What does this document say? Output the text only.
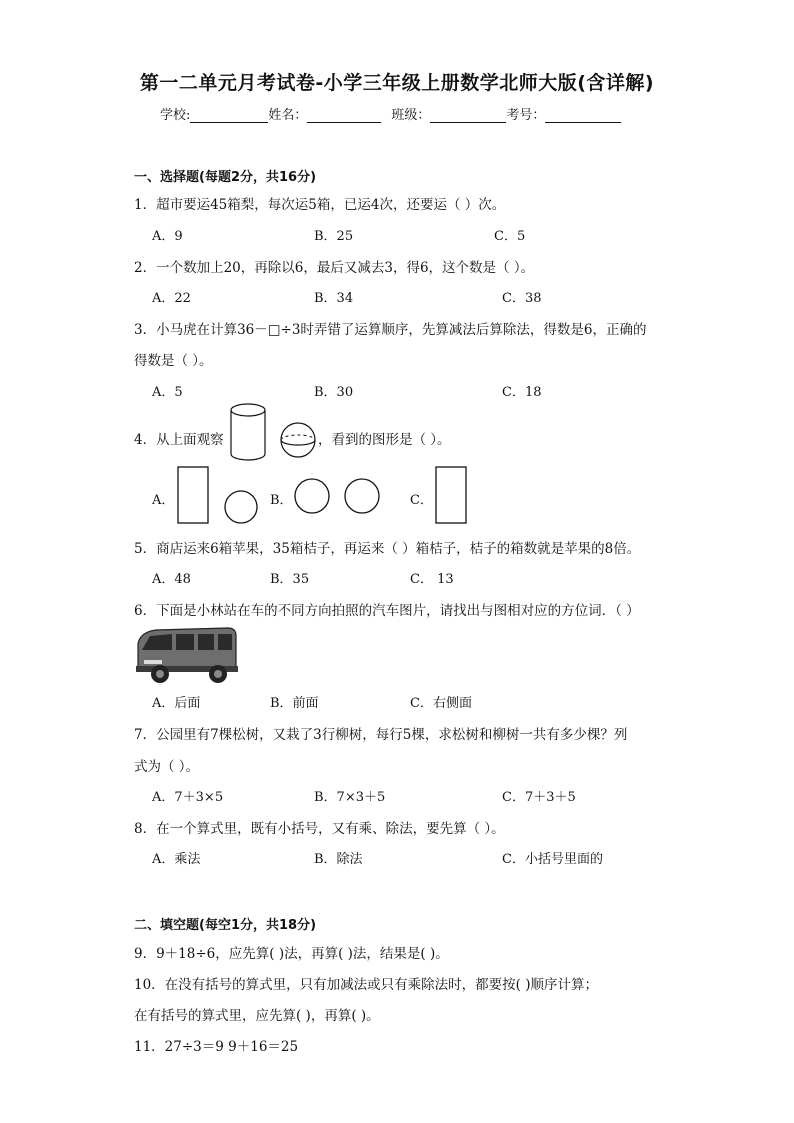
第一二单元月考试卷-小学三年级上册数学北师大版(含详解)
学校:	姓名：	班级：	考号：
一、选择题(每题2分，共16分)
1．超市要运45箱梨，每次运5箱，已运4次，还要运（ ）次。
A．9	B．25	C．5
2．一个数加上20，再除以6，最后又减去3，得6，这个数是（ ）。
A．22	B．34	C．38
3．小马虎在计算36－□÷3时弄错了运算顺序，先算减法后算除法，得数是6，正确的
得数是（ ）。
A．5	B．30	C．18
4．从上面观察	，看到的图形是（ ）。
A．	B．	C．
5．商店运来6箱苹果，35箱桔子，再运来（ ）箱桔子，桔子的箱数就是苹果的8倍。
A．48	B．35	C． 13
6．下面是小林站在车的不同方向拍照的汽车图片，请找出与图相对应的方位词．（ ）
A．后面	B．前面	C．右侧面
7．公园里有7棵松树，又栽了3行柳树，每行5棵，求松树和柳树一共有多少棵？列
式为（ ）。
A．7＋3×5	B．7×3＋5	C．7＋3＋5
8．在一个算式里，既有小括号，又有乘、除法，要先算（ ）。
A．乘法	B．除法	C．小括号里面的
二、填空题(每空1分，共18分)
9．9＋18÷6，应先算( )法，再算( )法，结果是( )。
10．在没有括号的算式里，只有加减法或只有乘除法时，都要按( )顺序计算；
在有括号的算式里，应先算( )，再算( )。
11．27÷3＝9 9＋16＝25
